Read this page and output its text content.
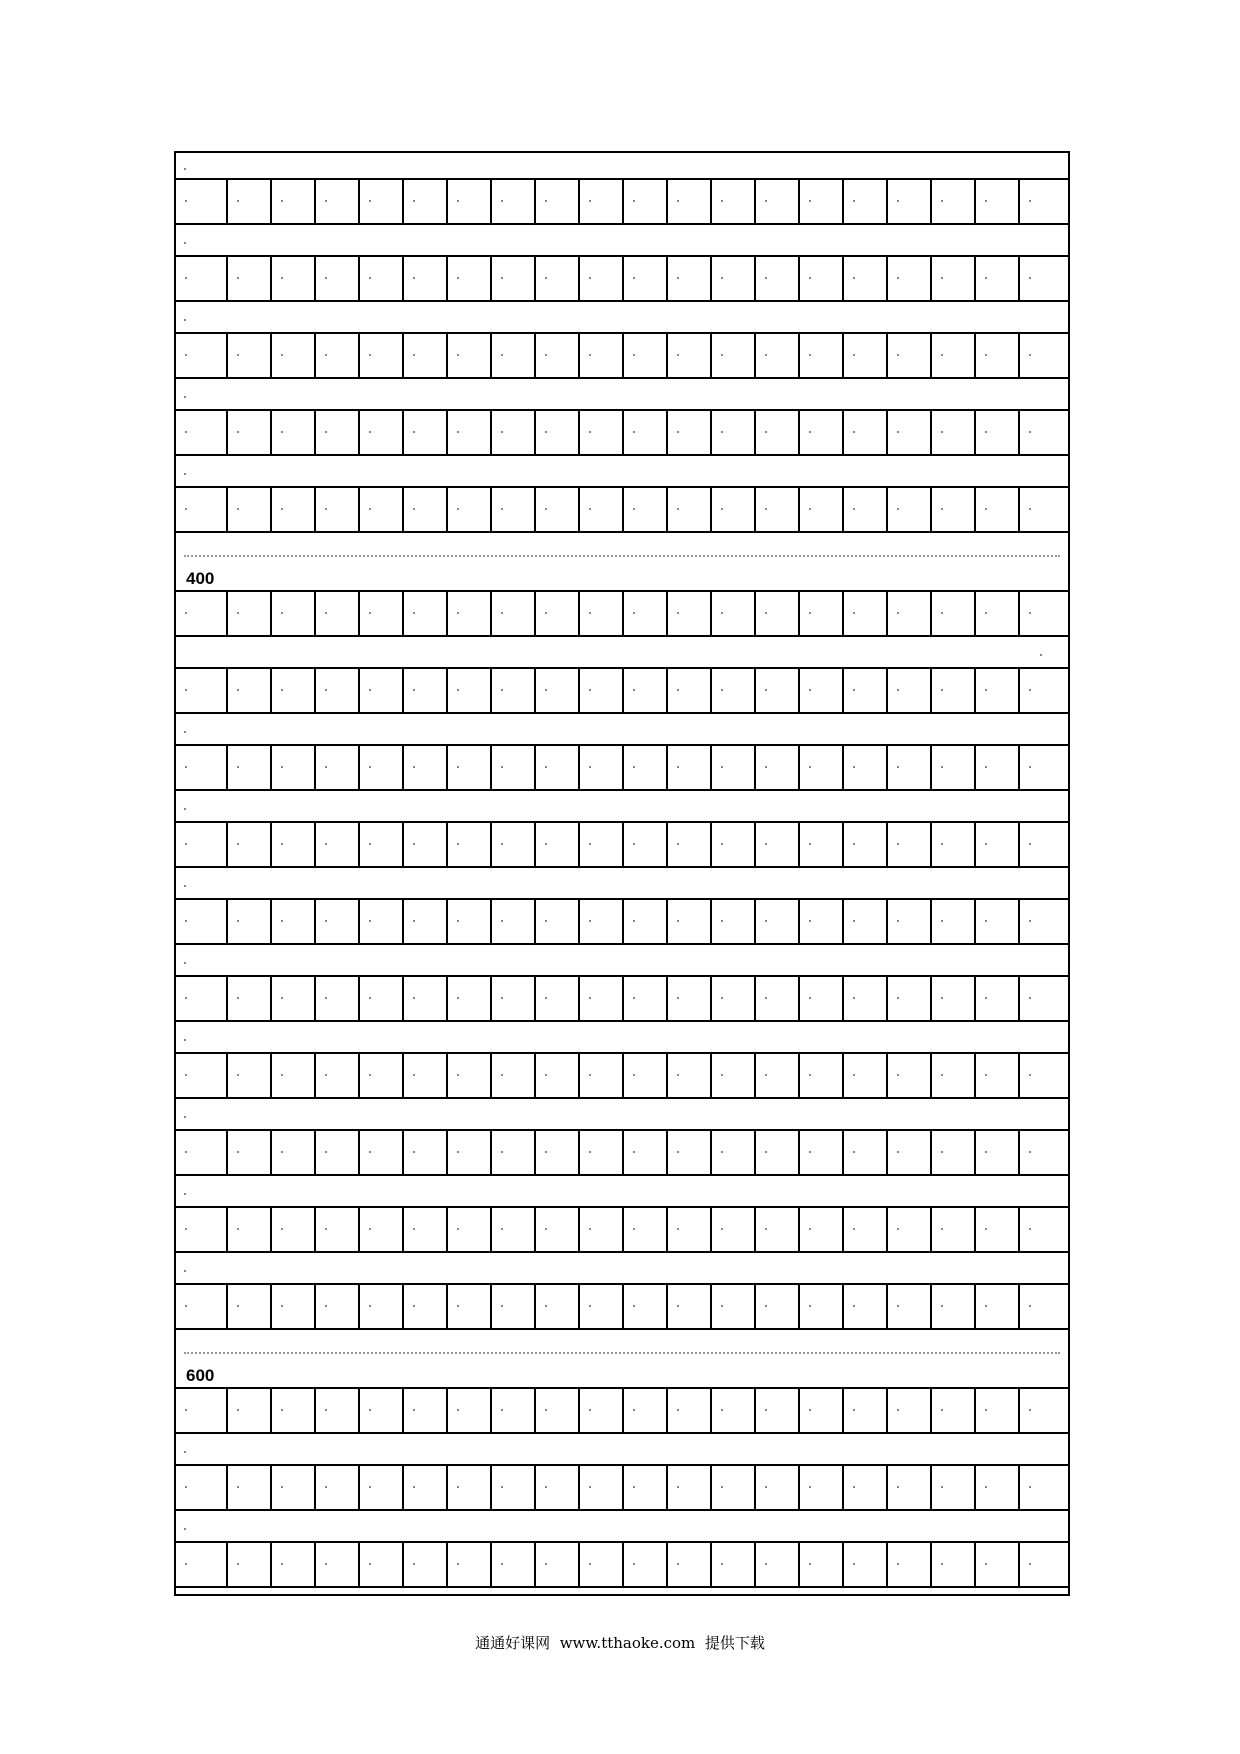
400
600
通通好课网  www.tthaoke.com  提供下载
